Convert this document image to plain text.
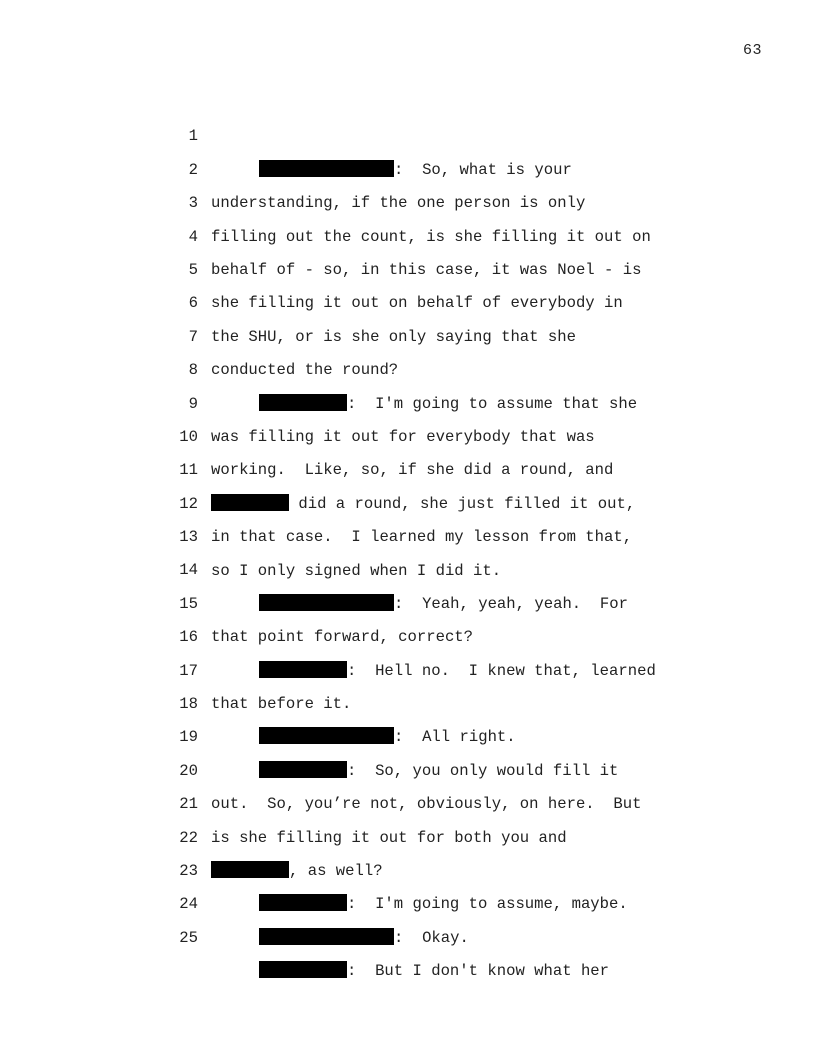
63

1

:  So, what is your

2

understanding, if the one person is only

3

filling out the count, is she filling it out on

4

behalf of - so, in this case, it was Noel - is

5

she filling it out on behalf of everybody in

6

the SHU, or is she only saying that she

7

conducted the round?

8

:  I'm going to assume that she

9

was filling it out for everybody that was

10

working.  Like, so, if she did a round, and

11

did a round, she just filled it out,

12

in that case.  I learned my lesson from that,

13

so I only signed when I did it.

14

:  Yeah, yeah, yeah.  For

15

that point forward, correct?

16

:  Hell no.  I knew that, learned

17

that before it.

18

:  All right.

19

:  So, you only would fill it

20

out.  So, you’re not, obviously, on here.  But

21

is she filling it out for both you and

22

, as well?

23

:  I'm going to assume, maybe.

24

:  Okay.

25

:  But I don't know what her
